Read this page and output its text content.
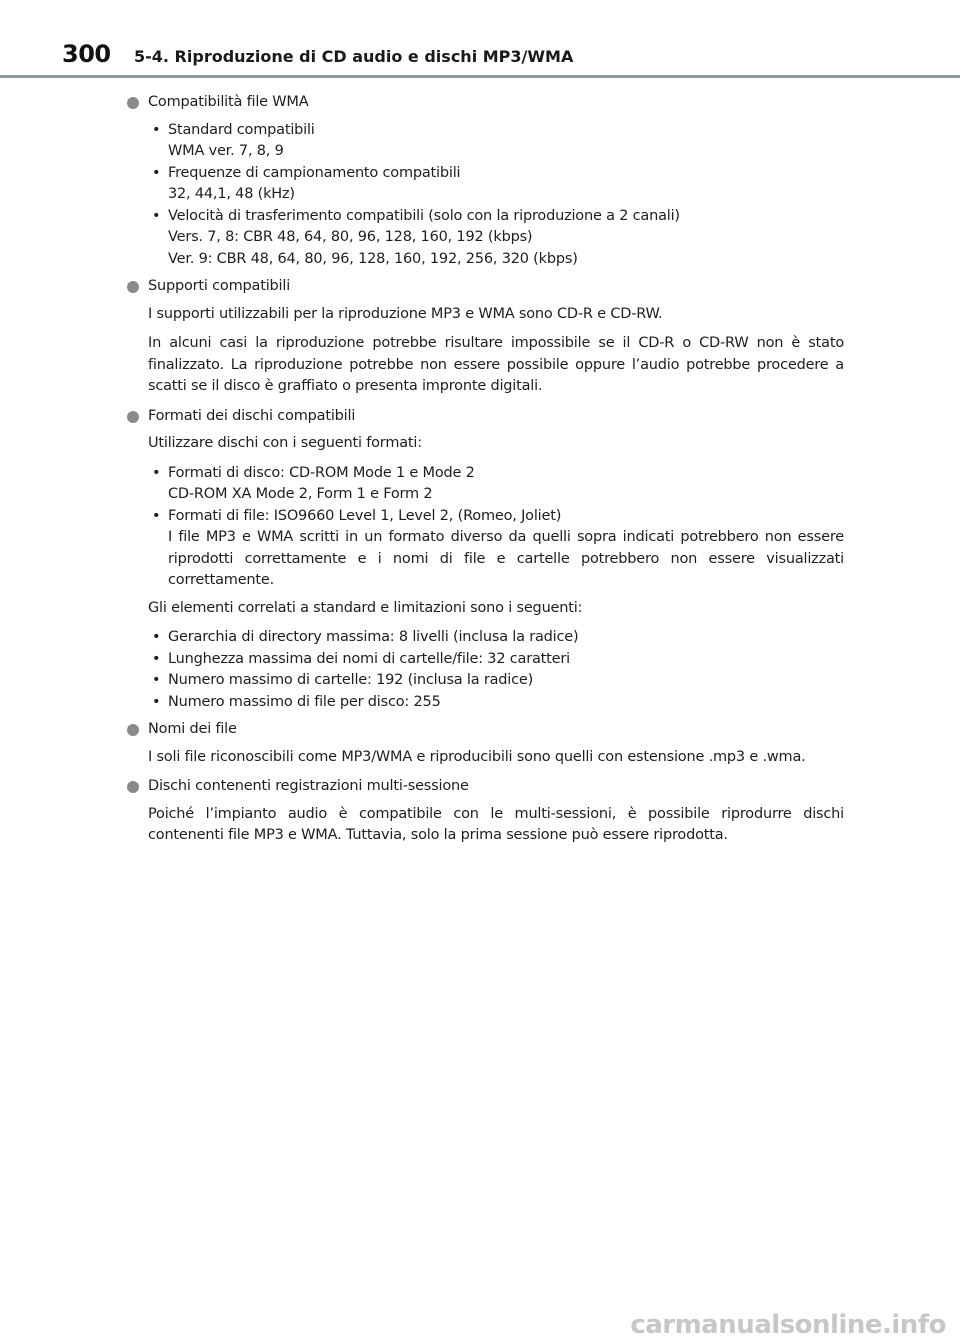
300 5-4. Riproduzione di CD audio e dischi MP3/WMA
Compatibilità file WMA
• Standard compatibili
WMA ver. 7, 8, 9
• Frequenze di campionamento compatibili
32, 44,1, 48 (kHz)
• Velocità di trasferimento compatibili (solo con la riproduzione a 2 canali)
Vers. 7, 8: CBR 48, 64, 80, 96, 128, 160, 192 (kbps)
Ver. 9: CBR 48, 64, 80, 96, 128, 160, 192, 256, 320 (kbps)
Supporti compatibili

I supporti utilizzabili per la riproduzione MP3 e WMA sono CD-R e CD-RW.

In alcuni casi la riproduzione potrebbe risultare impossibile se il CD-R o CD-RW non è stato finalizzato. La riproduzione potrebbe non essere possibile oppure l’audio potrebbe procedere a scatti se il disco è graffiato o presenta impronte digitali.

Formati dei dischi compatibili

Utilizzare dischi con i seguenti formati:

• Formati di disco: CD-ROM Mode 1 e Mode 2
CD-ROM XA Mode 2, Form 1 e Form 2
• Formati di file: ISO9660 Level 1, Level 2, (Romeo, Joliet)
I file MP3 e WMA scritti in un formato diverso da quelli sopra indicati potrebbero non essere riprodotti correttamente e i nomi di file e cartelle potrebbero non essere visualizzati correttamente.

Gli elementi correlati a standard e limitazioni sono i seguenti:

• Gerarchia di directory massima: 8 livelli (inclusa la radice)
• Lunghezza massima dei nomi di cartelle/file: 32 caratteri
• Numero massimo di cartelle: 192 (inclusa la radice)
• Numero massimo di file per disco: 255
Nomi dei file

I soli file riconoscibili come MP3/WMA e riproducibili sono quelli con estensione .mp3 e .wma.

Dischi contenenti registrazioni multi-sessione

Poiché l’impianto audio è compatibile con le multi-sessioni, è possibile riprodurre dischi contenenti file MP3 e WMA. Tuttavia, solo la prima sessione può essere riprodotta.

carmanualsonline.info
